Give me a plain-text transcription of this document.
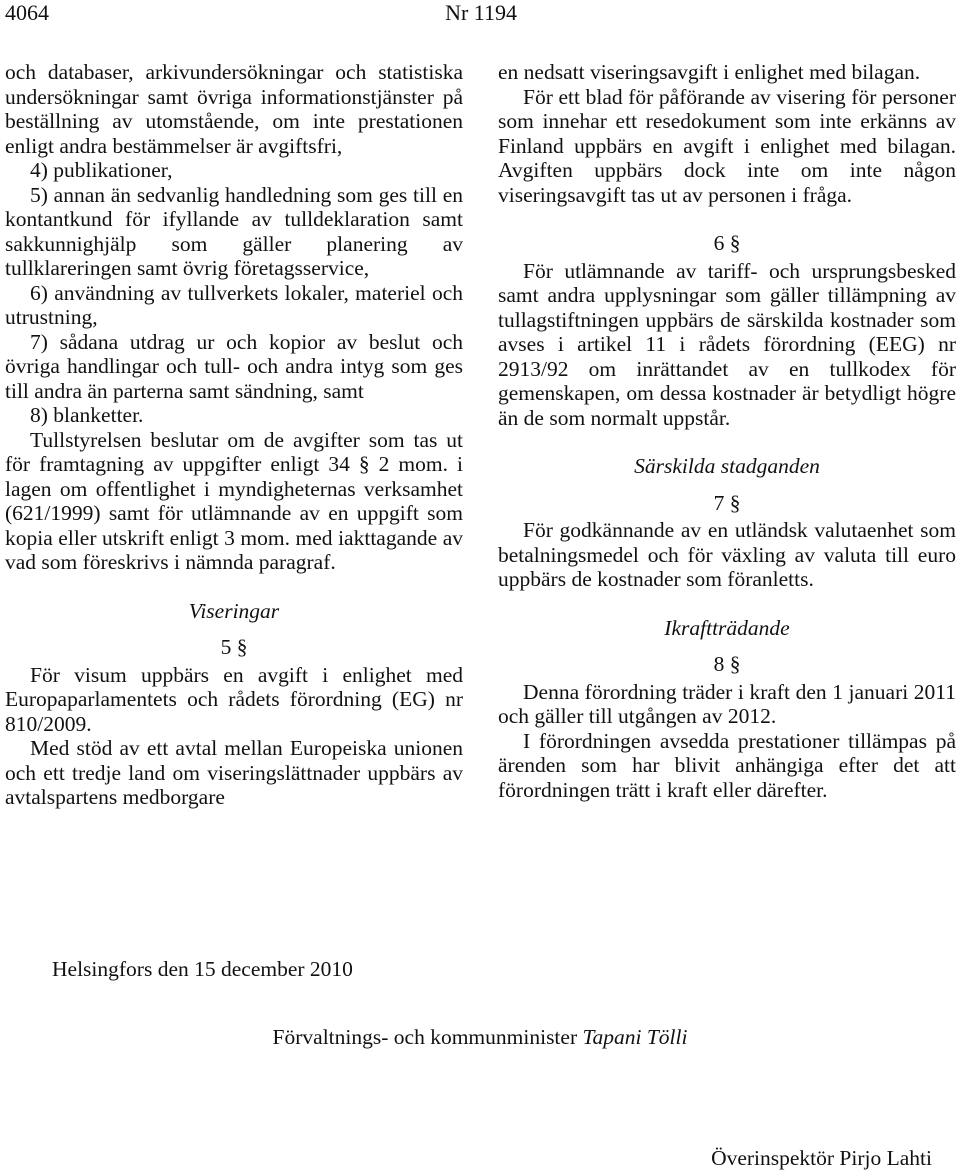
4064	Nr 1194

och databaser, arkivundersökningar och statistiska undersökningar samt övriga informationstjänster på beställning av utomstående, om inte prestationen enligt andra bestämmelser är avgiftsfri,

4) publikationer,

5) annan än sedvanlig handledning som ges till en kontantkund för ifyllande av tulldeklaration samt sakkunnighjälp som gäller planering av tullklareringen samt övrig företagsservice,

6) användning av tullverkets lokaler, materiel och utrustning,

7) sådana utdrag ur och kopior av beslut och övriga handlingar och tull- och andra intyg som ges till andra än parterna samt sändning, samt

8) blanketter.

Tullstyrelsen beslutar om de avgifter som tas ut för framtagning av uppgifter enligt 34 § 2 mom. i lagen om offentlighet i myndigheternas verksamhet (621/1999) samt för utlämnande av en uppgift som kopia eller utskrift enligt 3 mom. med iakttagande av vad som föreskrivs i nämnda paragraf.

Viseringar
5 §

För visum uppbärs en avgift i enlighet med Europaparlamentets och rådets förordning (EG) nr 810/2009.

Med stöd av ett avtal mellan Europeiska unionen och ett tredje land om viseringslättnader uppbärs av avtalspartens medborgare

en nedsatt viseringsavgift i enlighet med bilagan.

För ett blad för påförande av visering för personer som innehar ett resedokument som inte erkänns av Finland uppbärs en avgift i enlighet med bilagan. Avgiften uppbärs dock inte om inte någon viseringsavgift tas ut av personen i fråga.

6 §

För utlämnande av tariff- och ursprungsbesked samt andra upplysningar som gäller tillämpning av tullagstiftningen uppbärs de särskilda kostnader som avses i artikel 11 i rådets förordning (EEG) nr 2913/92 om inrättandet av en tullkodex för gemenskapen, om dessa kostnader är betydligt högre än de som normalt uppstår.

Särskilda stadganden
7 §

För godkännande av en utländsk valutaenhet som betalningsmedel och för växling av valuta till euro uppbärs de kostnader som föranletts.

Ikraftträdande
8 §

Denna förordning träder i kraft den 1 januari 2011 och gäller till utgången av 2012.

I förordningen avsedda prestationer tillämpas på ärenden som har blivit anhängiga efter det att förordningen trätt i kraft eller därefter.

Helsingfors den 15 december 2010
Förvaltnings- och kommunminister Tapani Tölli
Överinspektör Pirjo Lahti
